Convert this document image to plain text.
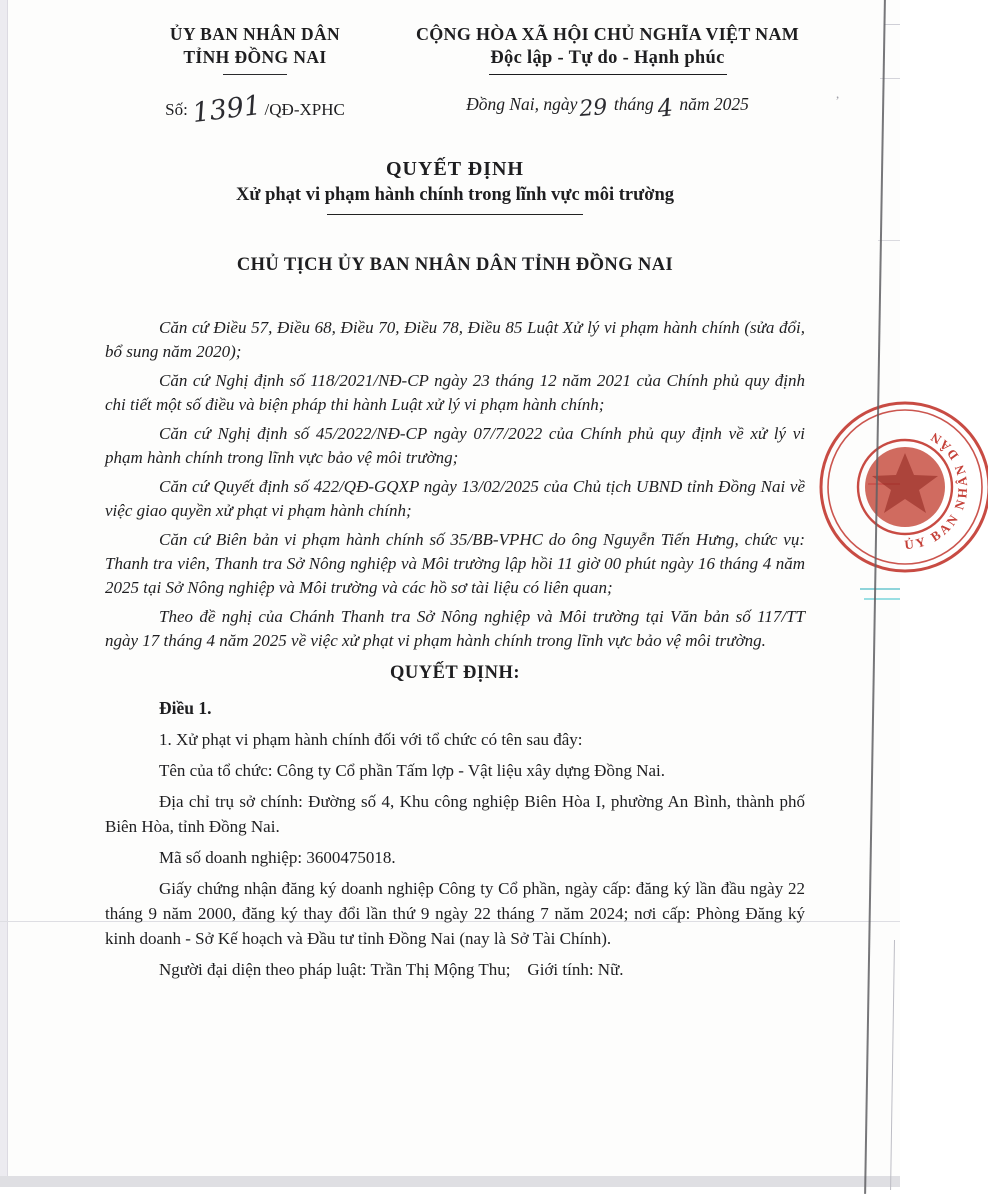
,
ỦY BAN NHÂN DÂN
ỦY BAN NHÂN DÂN
TỈNH ĐỒNG NAI
Số: 1391 /QĐ-XPHC
CỘNG HÒA XÃ HỘI CHỦ NGHĨA VIỆT NAM
Độc lập - Tự do - Hạnh phúc
Đồng Nai, ngày29 tháng4 năm 2025
QUYẾT ĐỊNH
Xử phạt vi phạm hành chính trong lĩnh vực môi trường
CHỦ TỊCH ỦY BAN NHÂN DÂN TỈNH ĐỒNG NAI

Căn cứ Điều 57, Điều 68, Điều 70, Điều 78, Điều 85 Luật Xử lý vi phạm hành chính (sửa đổi, bổ sung năm 2020);

Căn cứ Nghị định số 118/2021/NĐ-CP ngày 23 tháng 12 năm 2021 của Chính phủ quy định chi tiết một số điều và biện pháp thi hành Luật xử lý vi phạm hành chính;

Căn cứ Nghị định số 45/2022/NĐ-CP ngày 07/7/2022 của Chính phủ quy định về xử lý vi phạm hành chính trong lĩnh vực bảo vệ môi trường;

Căn cứ Quyết định số 422/QĐ-GQXP ngày 13/02/2025 của Chủ tịch UBND tỉnh Đồng Nai về việc giao quyền xử phạt vi phạm hành chính;

Căn cứ Biên bản vi phạm hành chính số 35/BB-VPHC do ông Nguyễn Tiến Hưng, chức vụ: Thanh tra viên, Thanh tra Sở Nông nghiệp và Môi trường lập hồi 11 giờ 00 phút ngày 16 tháng 4 năm 2025 tại Sở Nông nghiệp và Môi trường và các hồ sơ tài liệu có liên quan;

Theo đề nghị của Chánh Thanh tra Sở Nông nghiệp và Môi trường tại Văn bản số 117/TT ngày 17 tháng 4 năm 2025 về việc xử phạt vi phạm hành chính trong lĩnh vực bảo vệ môi trường.

QUYẾT ĐỊNH:

Điều 1.

1. Xử phạt vi phạm hành chính đối với tổ chức có tên sau đây:

Tên của tổ chức: Công ty Cổ phần Tấm lợp - Vật liệu xây dựng Đồng Nai.

Địa chỉ trụ sở chính: Đường số 4, Khu công nghiệp Biên Hòa I, phường An Bình, thành phố Biên Hòa, tỉnh Đồng Nai.

Mã số doanh nghiệp: 3600475018.

Giấy chứng nhận đăng ký doanh nghiệp Công ty Cổ phần, ngày cấp: đăng ký lần đầu ngày 22 tháng 9 năm 2000, đăng ký thay đổi lần thứ 9 ngày 22 tháng 7 năm 2024; nơi cấp: Phòng Đăng ký kinh doanh - Sở Kế hoạch và Đầu tư tỉnh Đồng Nai (nay là Sở Tài Chính).

Người đại diện theo pháp luật: Trần Thị Mộng Thu; Giới tính: Nữ.
